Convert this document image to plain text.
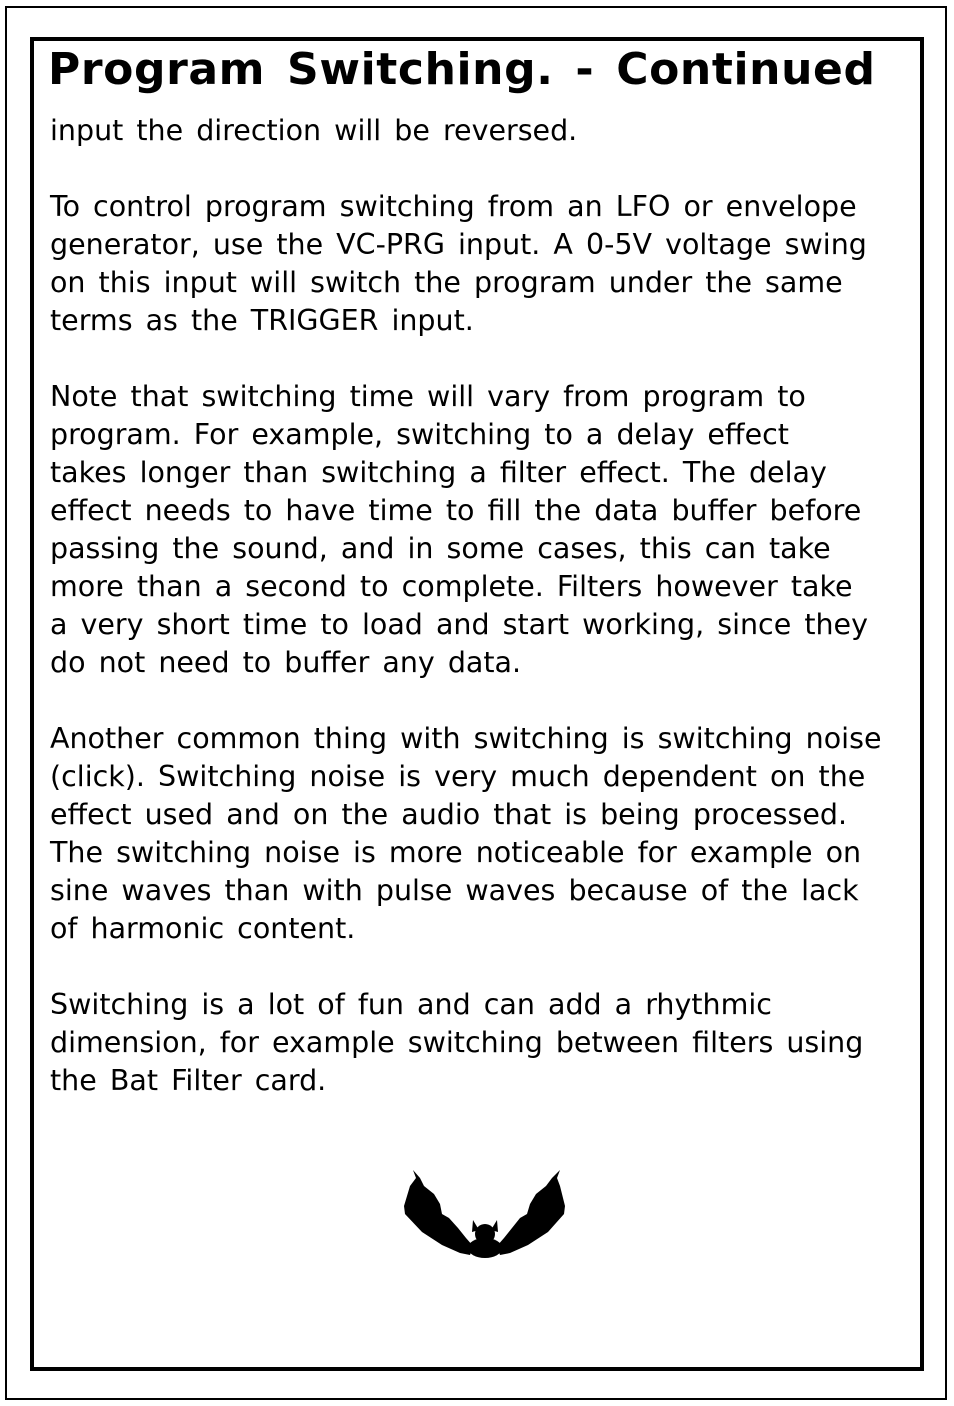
Program Switching. - Continued

input the direction will be reversed.

To control program switching from an LFO or envelope
generator, use the VC-PRG input. A 0-5V voltage swing
on this input will switch the program under the same
terms as the TRIGGER input.

Note that switching time will vary from program to
program. For example, switching to a delay effect
takes longer than switching a filter effect. The delay
effect needs to have time to fill the data buffer before
passing the sound, and in some cases, this can take
more than a second to complete. Filters however take
a very short time to load and start working, since they
do not need to buffer any data.

Another common thing with switching is switching noise
(click). Switching noise is very much dependent on the
effect used and on the audio that is being processed.
The switching noise is more noticeable for example on
sine waves than with pulse waves because of the lack
of harmonic content.

Switching is a lot of fun and can add a rhythmic
dimension, for example switching between filters using
the Bat Filter card.
